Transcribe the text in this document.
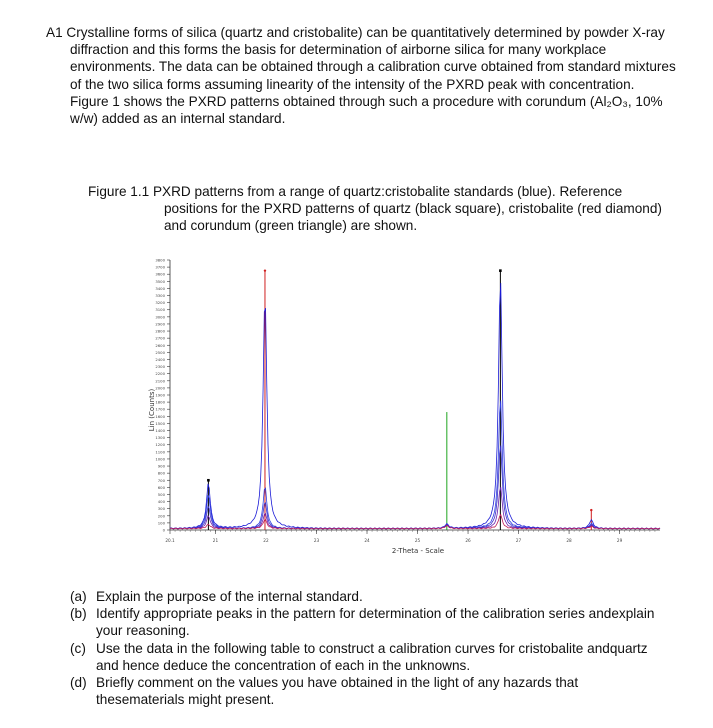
A1 Crystalline forms of silica (quartz and cristobalite) can be quantitatively determined by powder X-ray diffraction and this forms the basis for determination of airborne silica for many workplace environments. The data can be obtained through a calibration curve obtained from standard mixtures of the two silica forms assuming linearity of the intensity of the PXRD peak with concentration. Figure 1 shows the PXRD patterns obtained through such a procedure with corundum (Al₂O₃, 10% w/w) added as an internal standard.

Figure 1.1 PXRD patterns from a range of quartz:cristobalite standards (blue). Reference positions for the PXRD patterns of quartz (black square), cristobalite (red diamond) and corundum (green triangle) are shown.

0
100
200
300
400
500
600
700
800
900
1000
1100
1200
1300
1400
1500
1600
1700
1800
1900
2000
2100
2200
2300
2400
2500
2600
2700
2800
2900
3000
3100
3200
3300
3400
3500
3600
3700
3800
20.1	21	22	23	24	25	26	27	28	29
Lin (Counts)
2-Theta - Scale

(a) Explain the purpose of the internal standard.

(b) Identify appropriate peaks in the pattern for determination of the calibration series andexplain your reasoning.

(c) Use the data in the following table to construct a calibration curves for cristobalite andquartz and hence deduce the concentration of each in the unknowns.

(d) Briefly comment on the values you have obtained in the light of any hazards that thesematerials might present.
